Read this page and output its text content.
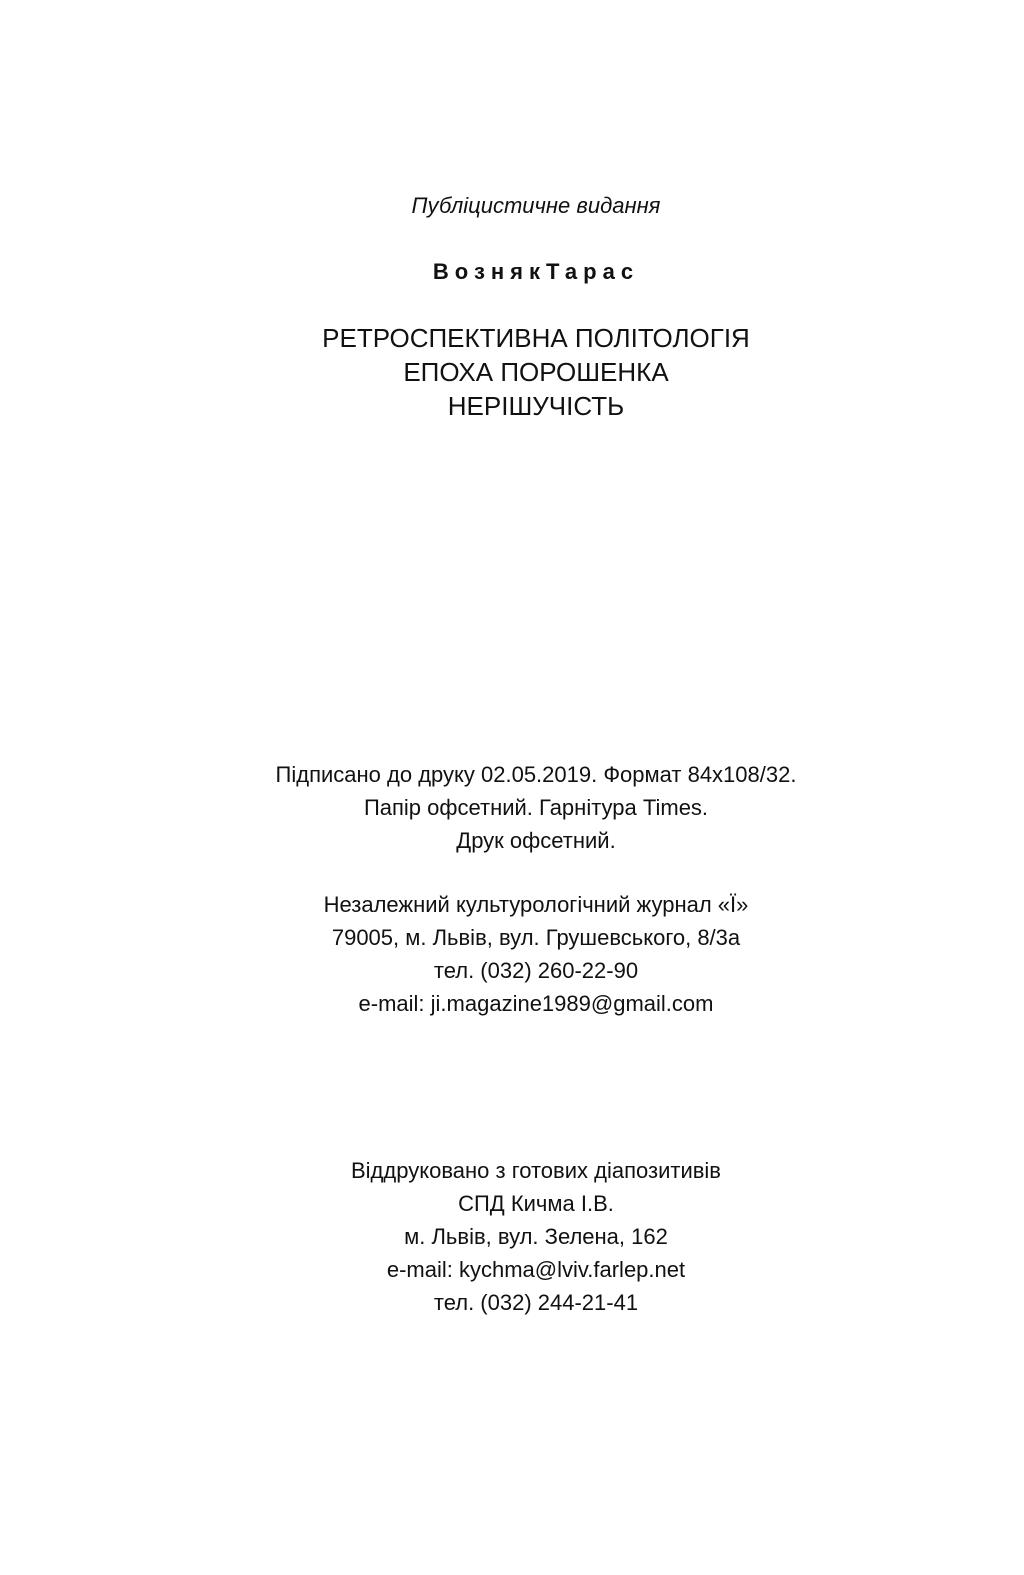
Публіцистичне видання
ВознякТарас
РЕТРОСПЕКТИВНА ПОЛІТОЛОГІЯ
ЕПОХА ПОРОШЕНКА
НЕРІШУЧІСТЬ
Підписано до друку 02.05.2019. Формат 84x108/32.
Папір офсетний. Гарнітура Times.
Друк офсетний.
Незалежний культурологічний журнал «Ї»
79005, м. Львів, вул. Грушевського, 8/3а
тел. (032) 260-22-90
e-mail: ji.magazine1989@gmail.com
Віддруковано з готових діапозитивів
СПД Кичма І.В.
м. Львів, вул. Зелена, 162
e-mail: kychma@lviv.farlep.net
тел. (032) 244-21-41
